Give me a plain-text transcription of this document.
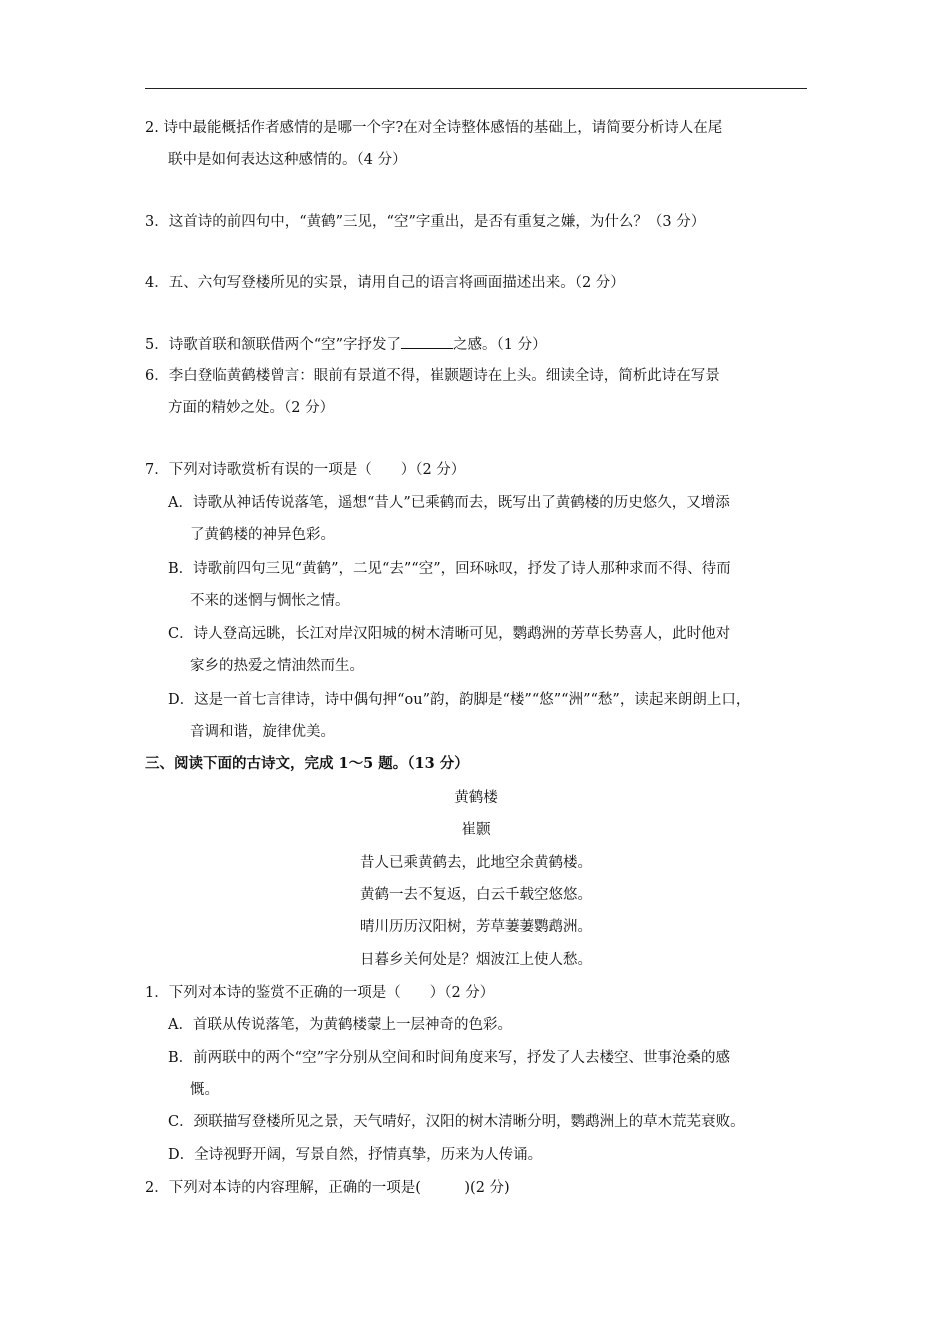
2. 诗中最能概括作者感情的是哪一个字?在对全诗整体感悟的基础上，请简要分析诗人在尾
联中是如何表达这种感情的。（4 分）
3．这首诗的前四句中，“黄鹤”三见，“空”字重出，是否有重复之嫌，为什么？（3 分）
4．五、六句写登楼所见的实景，请用自己的语言将画面描述出来。（2 分）
5．诗歌首联和颔联借两个“空”字抒发了	之感。（1 分）
6．李白登临黄鹤楼曾言：眼前有景道不得，崔颢题诗在上头。细读全诗，简析此诗在写景
方面的精妙之处。（2 分）
7．下列对诗歌赏析有误的一项是（　　）（2 分）
A．诗歌从神话传说落笔，遥想“昔人”已乘鹤而去，既写出了黄鹤楼的历史悠久，又增添
了黄鹤楼的神异色彩。
B．诗歌前四句三见“黄鹤”，二见“去”“空”，回环咏叹，抒发了诗人那种求而不得、待而
不来的迷惘与惆怅之情。
C．诗人登高远眺，长江对岸汉阳城的树木清晰可见，鹦鹉洲的芳草长势喜人，此时他对
家乡的热爱之情油然而生。
D．这是一首七言律诗，诗中偶句押“ou”韵，韵脚是“楼”“悠”“洲”“愁”，读起来朗朗上口，
音调和谐，旋律优美。
三、阅读下面的古诗文，完成 1～5 题。（13 分）
黄鹤楼
崔颢
昔人已乘黄鹤去，此地空余黄鹤楼。
黄鹤一去不复返，白云千载空悠悠。
晴川历历汉阳树，芳草萋萋鹦鹉洲。
日暮乡关何处是？烟波江上使人愁。
1．下列对本诗的鉴赏不正确的一项是（　　）（2 分）
A．首联从传说落笔，为黄鹤楼蒙上一层神奇的色彩。
B．前两联中的两个“空”字分别从空间和时间角度来写，抒发了人去楼空、世事沧桑的感
慨。
C．颈联描写登楼所见之景，天气晴好，汉阳的树木清晰分明，鹦鹉洲上的草木荒芜衰败。
D．全诗视野开阔，写景自然，抒情真挚，历来为人传诵。
2．下列对本诗的内容理解，正确的一项是(　　　)(2 分)
